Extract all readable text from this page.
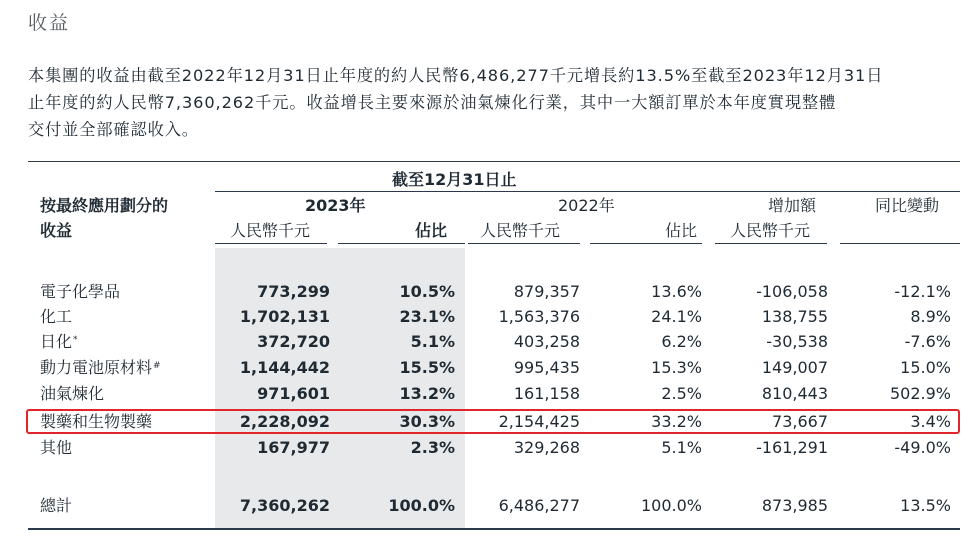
收益
本集團的收益由截至2022年12月31日止年度的約人民幣6,486,277千元增長約13.5%至截至2023年12月31日
止年度的約人民幣7,360,262千元。收益增長主要來源於油氣煉化行業，其中一大額訂單於本年度實現整體
交付並全部確認收入。
截至12月31日止
按最終應用劃分的
收益
2023年	2022年	增加額	同比變動
人民幣千元	佔比 人民幣千元	佔比 人民幣千元
電子化學品	773,299	10.5%	879,357	13.6%	-106,058	-12.1%
化工	1,702,131	23.1%	1,563,376	24.1%	138,755	8.9%
日化*	372,720	5.1%	403,258	6.2%	-30,538	-7.6%
動力電池原材料#	1,144,442	15.5%	995,435	15.3%	149,007	15.0%
油氣煉化	971,601	13.2%	161,158	2.5%	810,443	502.9%
製藥和生物製藥	2,228,092	30.3%	2,154,425	33.2%	73,667	3.4%
其他	167,977	2.3%	329,268	5.1%	-161,291	-49.0%
總計	7,360,262	100.0%	6,486,277	100.0%	873,985	13.5%
